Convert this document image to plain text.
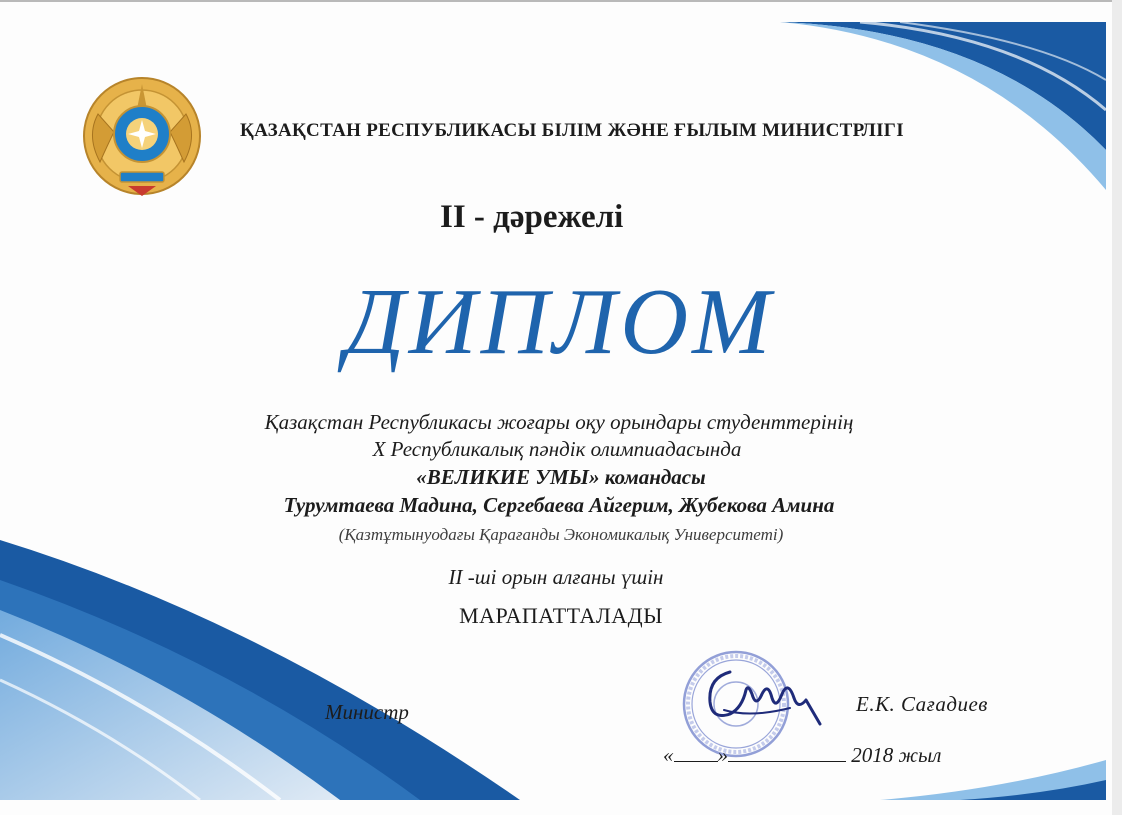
ҚАЗАҚСТАН РЕСПУБЛИКАСЫ БІЛІМ ЖӘНЕ ҒЫЛЫМ МИНИСТРЛІГІ
II - дәрежелі
ДИПЛОМ
Қазақстан Республикасы жоғары оқу орындары студенттерінің
Х Республикалық пәндік олимпиадасында
«ВЕЛИКИЕ УМЫ» командасы
Турумтаева Мадина, Сергебаева Айгерим, Жубекова Амина
(Қазтұтынуодағы Қарағанды Экономикалық Университеті)
II -ші орын алғаны үшін
МАРАПАТТАЛАДЫ
Министр	Е.К. Сағадиев
« »	2018 жыл
